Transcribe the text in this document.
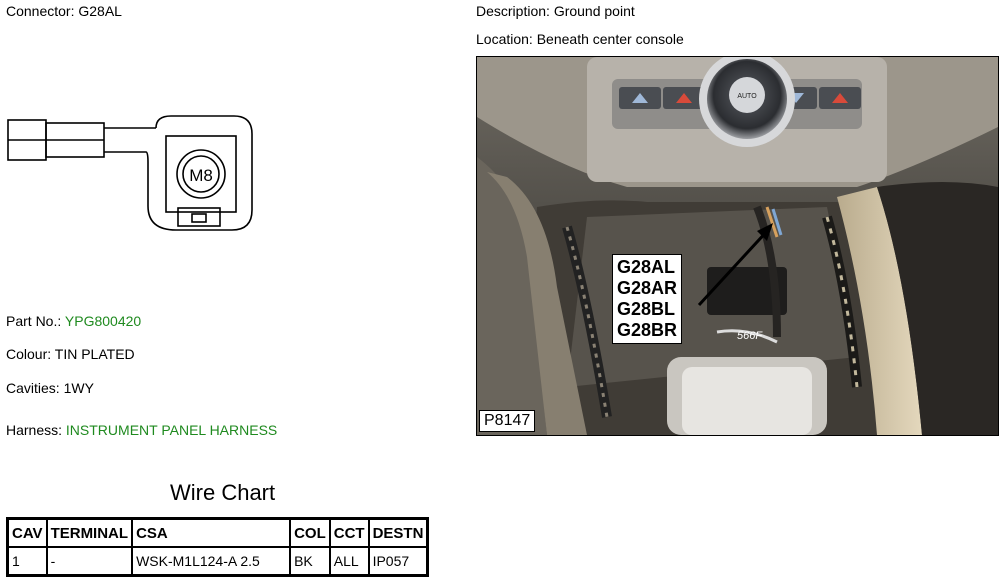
Connector: G28AL
M8
Part No.: YPG800420
Colour: TIN PLATED
Cavities: 1WY
Harness: INSTRUMENT PANEL HARNESS
Description: Ground point
Location: Beneath center console
AUTO
566F
G28AL
G28AR
G28BL
G28BR
P8147
Wire Chart
CAV	TERMINAL	CSA	COL	CCT	DESTN
1	-	WSK-M1L124-A 2.5	BK	ALL	IP057
